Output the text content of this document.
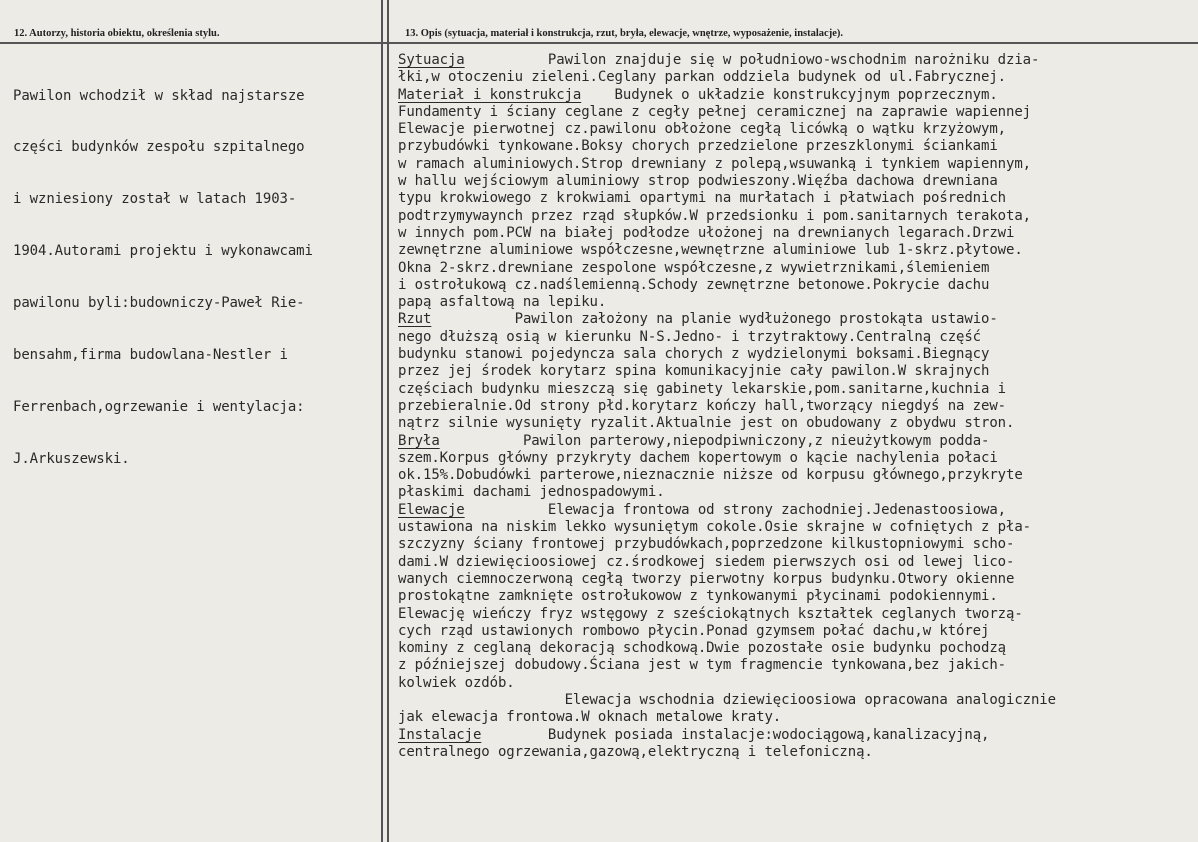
12. Autorzy, historia obiektu, określenia stylu.	13. Opis (sytuacja, materiał i konstrukcja, rzut, bryła, elewacje, wnętrze, wyposażenie, instalacje).

Pawilon wchodził w skład najstarsze

części budynków zespołu szpitalnego

i wzniesiony został w latach 1903-

1904.Autorami projektu i wykonawcami

pawilonu byli:budowniczy-Paweł Rie-

bensahm,firma budowlana-Nestler i

Ferrenbach,ogrzewanie i wentylacja:

J.Arkuszewski.

Sytuacja          Pawilon znajduje się w południowo-wschodnim narożniku dzia-
łki,w otoczeniu zieleni.Ceglany parkan oddziela budynek od ul.Fabrycznej.
Materiał i konstrukcja    Budynek o układzie konstrukcyjnym poprzecznym.
Fundamenty i ściany ceglane z cegły pełnej ceramicznej na zaprawie wapiennej
Elewacje pierwotnej cz.pawilonu obłożone cegłą licówką o wątku krzyżowym,
przybudówki tynkowane.Boksy chorych przedzielone przeszklonymi ściankami
w ramach aluminiowych.Strop drewniany z polepą,wsuwanką i tynkiem wapiennym,
w hallu wejściowym aluminiowy strop podwieszony.Więźba dachowa drewniana
typu krokwiowego z krokwiami opartymi na murłatach i płatwiach pośrednich
podtrzymywaynch przez rząd słupków.W przedsionku i pom.sanitarnych terakota,
w innych pom.PCW na białej podłodze ułożonej na drewnianych legarach.Drzwi
zewnętrzne aluminiowe współczesne,wewnętrzne aluminiowe lub 1-skrz.płytowe.
Okna 2-skrz.drewniane zespolone współczesne,z wywietrznikami,ślemieniem
i ostrołukową cz.nadślemienną.Schody zewnętrzne betonowe.Pokrycie dachu
papą asfaltową na lepiku.
Rzut          Pawilon założony na planie wydłużonego prostokąta ustawio-
nego dłuższą osią w kierunku N-S.Jedno- i trzytraktowy.Centralną część
budynku stanowi pojedyncza sala chorych z wydzielonymi boksami.Biegnący
przez jej środek korytarz spina komunikacyjnie cały pawilon.W skrajnych
częściach budynku mieszczą się gabinety lekarskie,pom.sanitarne,kuchnia i
przebieralnie.Od strony płd.korytarz kończy hall,tworzący niegdyś na zew-
nątrz silnie wysunięty ryzalit.Aktualnie jest on obudowany z obydwu stron.
Bryła          Pawilon parterowy,niepodpiwniczony,z nieużytkowym podda-
szem.Korpus główny przykryty dachem kopertowym o kącie nachylenia połaci
ok.15%.Dobudówki parterowe,nieznacznie niższe od korpusu głównego,przykryte
płaskimi dachami jednospadowymi.
Elewacje          Elewacja frontowa od strony zachodniej.Jedenastoosiowa,
ustawiona na niskim lekko wysuniętym cokole.Osie skrajne w cofniętych z pła-
szczyzny ściany frontowej przybudówkach,poprzedzone kilkustopniowymi scho-
dami.W dziewięcioosiowej cz.środkowej siedem pierwszych osi od lewej lico-
wanych ciemnoczerwoną cegłą tworzy pierwotny korpus budynku.Otwory okienne
prostokątne zamknięte ostrołukowow z tynkowanymi płycinami podokiennymi.
Elewację wieńczy fryz wstęgowy z sześciokątnych kształtek ceglanych tworzą-
cych rząd ustawionych rombowo płycin.Ponad gzymsem połać dachu,w której
kominy z ceglaną dekoracją schodkową.Dwie pozostałe osie budynku pochodzą
z późniejszej dobudowy.Ściana jest w tym fragmencie tynkowana,bez jakich-
kolwiek ozdób.
Elewacja wschodnia dziewięcioosiowa opracowana analogicznie
jak elewacja frontowa.W oknach metalowe kraty.
Instalacje        Budynek posiada instalacje:wodociągową,kanalizacyjną,
centralnego ogrzewania,gazową,elektryczną i telefoniczną.
